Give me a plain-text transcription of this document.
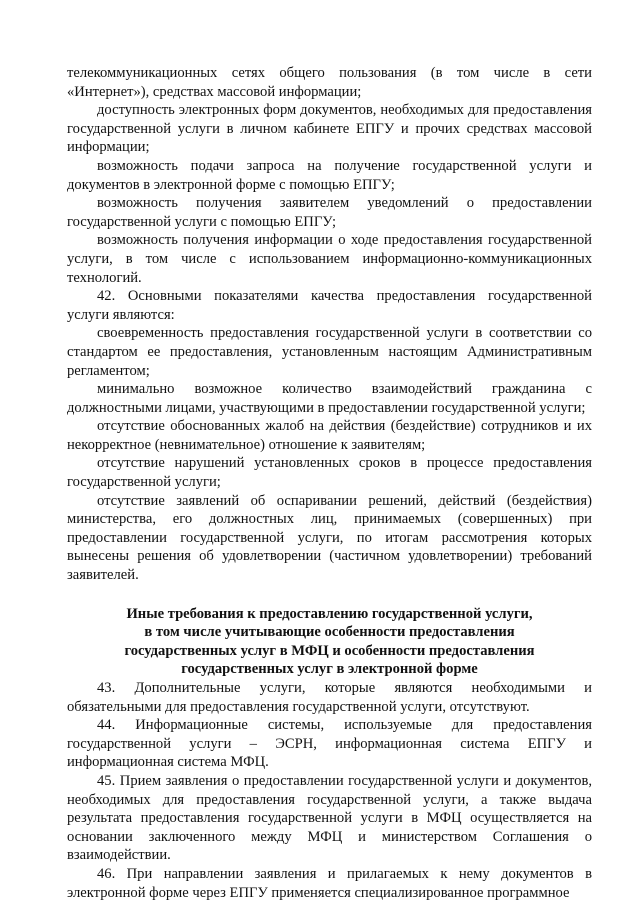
телекоммуникационных сетях общего пользования (в том числе в сети «Интернет»), средствах массовой информации;

доступность электронных форм документов, необходимых для предоставления государственной услуги в личном кабинете ЕПГУ и прочих средствах массовой информации;

возможность подачи запроса на получение государственной услуги и документов в электронной форме с помощью ЕПГУ;

возможность получения заявителем уведомлений о предоставлении государственной услуги с помощью ЕПГУ;

возможность получения информации о ходе предоставления государственной услуги, в том числе с использованием информационно-коммуникационных технологий.

42. Основными показателями качества предоставления государственной услуги являются:

своевременность предоставления государственной услуги в соответствии со стандартом ее предоставления, установленным настоящим Административным регламентом;

минимально возможное количество взаимодействий гражданина с должностными лицами, участвующими в предоставлении государственной услуги;

отсутствие обоснованных жалоб на действия (бездействие) сотрудников и их некорректное (невнимательное) отношение к заявителям;

отсутствие нарушений установленных сроков в процессе предоставления государственной услуги;

отсутствие заявлений об оспаривании решений, действий (бездействия) министерства, его должностных лиц, принимаемых (совершенных) при предоставлении государственной услуги, по итогам рассмотрения которых вынесены решения об удовлетворении (частичном удовлетворении) требований заявителей.

Иные требования к предоставлению государственной услуги,
в том числе учитывающие особенности предоставления
государственных услуг в МФЦ и особенности предоставления
государственных услуг в электронной форме

43. Дополнительные услуги, которые являются необходимыми и обязательными для предоставления государственной услуги, отсутствуют.

44. Информационные системы, используемые для предоставления государственной услуги – ЭСРН, информационная система ЕПГУ и информационная система МФЦ.

45. Прием заявления о предоставлении государственной услуги и документов, необходимых для предоставления государственной услуги, а также выдача результата предоставления государственной услуги в МФЦ осуществляется на основании заключенного между МФЦ и министерством Соглашения о взаимодействии.

46. При направлении заявления и прилагаемых к нему документов в электронной форме через ЕПГУ применяется специализированное программное
